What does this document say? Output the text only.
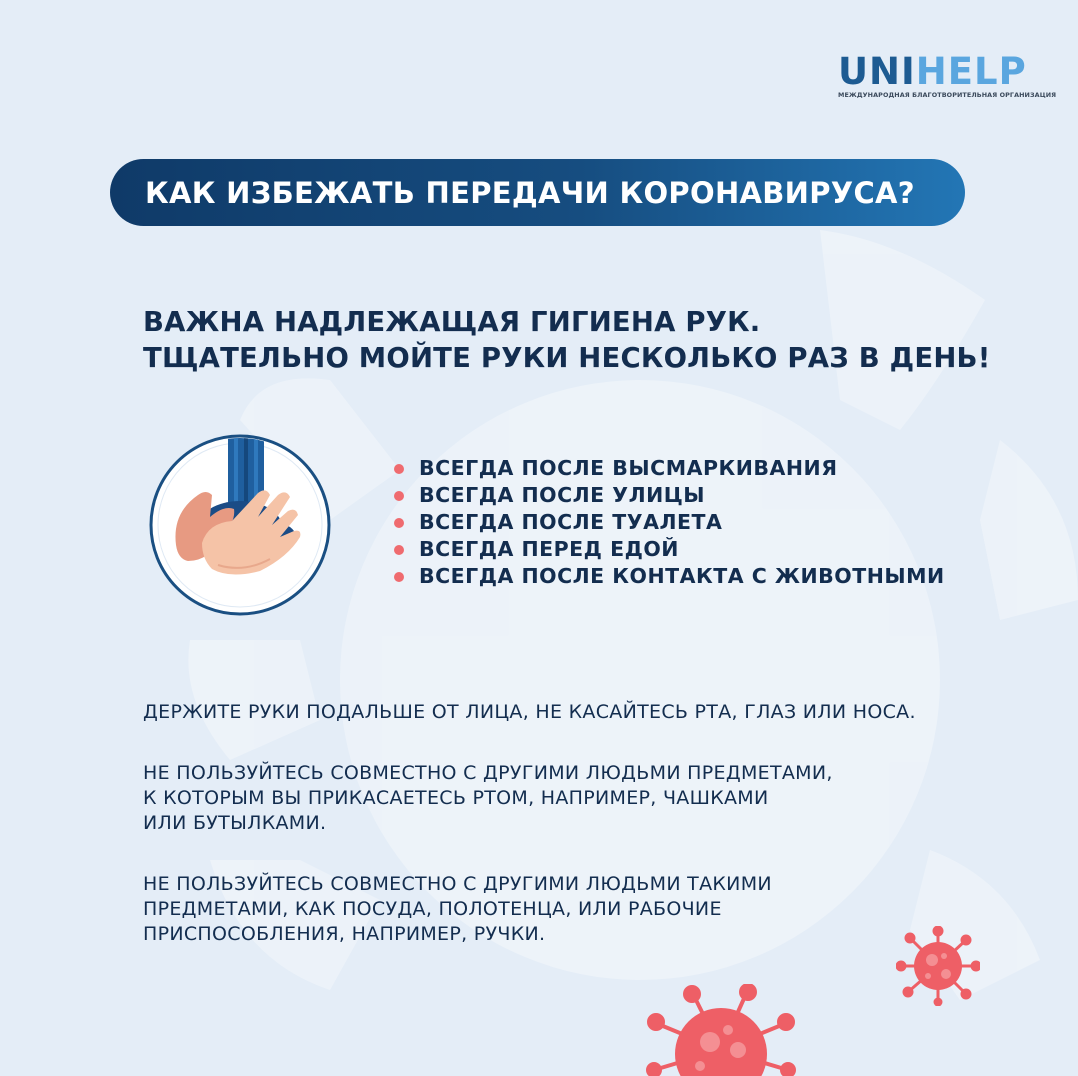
UNIHELP
МЕЖДУНАРОДНАЯ БЛАГОТВОРИТЕЛЬНАЯ ОРГАНИЗАЦИЯ
КАК ИЗБЕЖАТЬ ПЕРЕДАЧИ КОРОНАВИРУСА?
ВАЖНА НАДЛЕЖАЩАЯ ГИГИЕНА РУК.
ТЩАТЕЛЬНО МОЙТЕ РУКИ НЕСКОЛЬКО РАЗ В ДЕНЬ!
ВСЕГДА ПОСЛЕ ВЫСМАРКИВАНИЯ
ВСЕГДА ПОСЛЕ УЛИЦЫ
ВСЕГДА ПОСЛЕ ТУАЛЕТА
ВСЕГДА ПЕРЕД ЕДОЙ
ВСЕГДА ПОСЛЕ КОНТАКТА С ЖИВОТНЫМИ
ДЕРЖИТЕ РУКИ ПОДАЛЬШЕ ОТ ЛИЦА, НЕ КАСАЙТЕСЬ РТА, ГЛАЗ ИЛИ НОСА.
НЕ ПОЛЬЗУЙТЕСЬ СОВМЕСТНО С ДРУГИМИ ЛЮДЬМИ ПРЕДМЕТАМИ,
К КОТОРЫМ ВЫ ПРИКАСАЕТЕСЬ РТОМ, НАПРИМЕР, ЧАШКАМИ
ИЛИ БУТЫЛКАМИ.
НЕ ПОЛЬЗУЙТЕСЬ СОВМЕСТНО С ДРУГИМИ ЛЮДЬМИ ТАКИМИ
ПРЕДМЕТАМИ, КАК ПОСУДА, ПОЛОТЕНЦА, ИЛИ РАБОЧИЕ
ПРИСПОСОБЛЕНИЯ, НАПРИМЕР, РУЧКИ.
